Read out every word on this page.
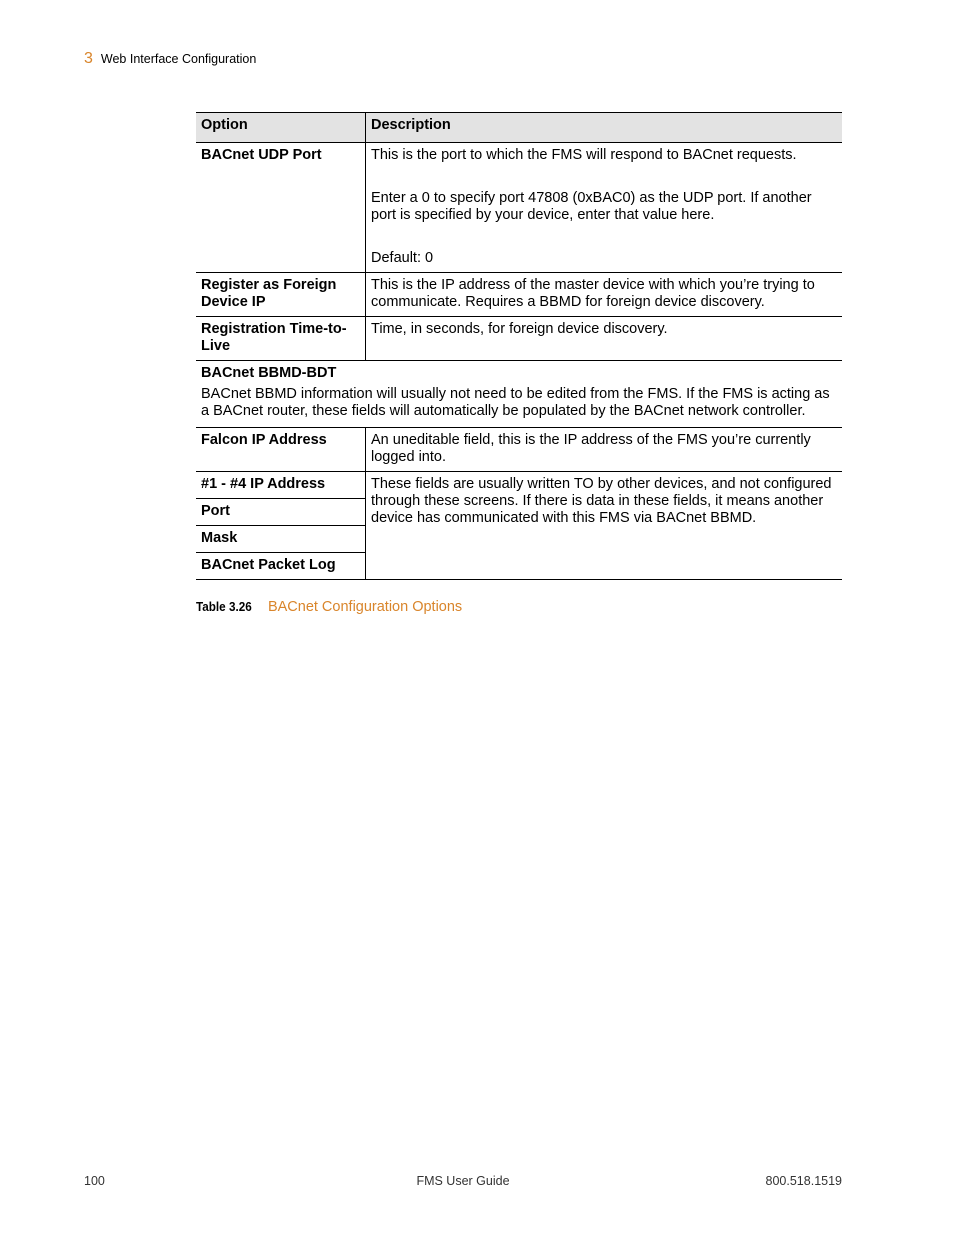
3 Web Interface Configuration
Option	Description
BACnet UDP Port	This is the port to which the FMS will respond to BACnet requests.
Enter a 0 to specify port 47808 (0xBAC0) as the UDP port. If another port is specified by your device, enter that value here.
Default: 0

Register as Foreign Device IP	This is the IP address of the master device with which you’re trying to communicate. Requires a BBMD for foreign device discovery.

Registration Time-to-Live	Time, in seconds, for foreign device discovery.

BACnet BBMD-BDT
BACnet BBMD information will usually not need to be edited from the FMS. If the FMS is acting as a BACnet router, these fields will automatically be populated by the BACnet network controller.	
Falcon IP Address	An uneditable field, this is the IP address of the FMS you’re currently logged into.
#1 - #4 IP Address	These fields are usually written TO by other devices, and not configured through these screens. If there is data in these fields, it means another device has communicated with this FMS via BACnet BBMD.
Port	
Mask	
BACnet Packet Log	
Table 3.26 BACnet Configuration Options
100	FMS User Guide	800.518.1519
